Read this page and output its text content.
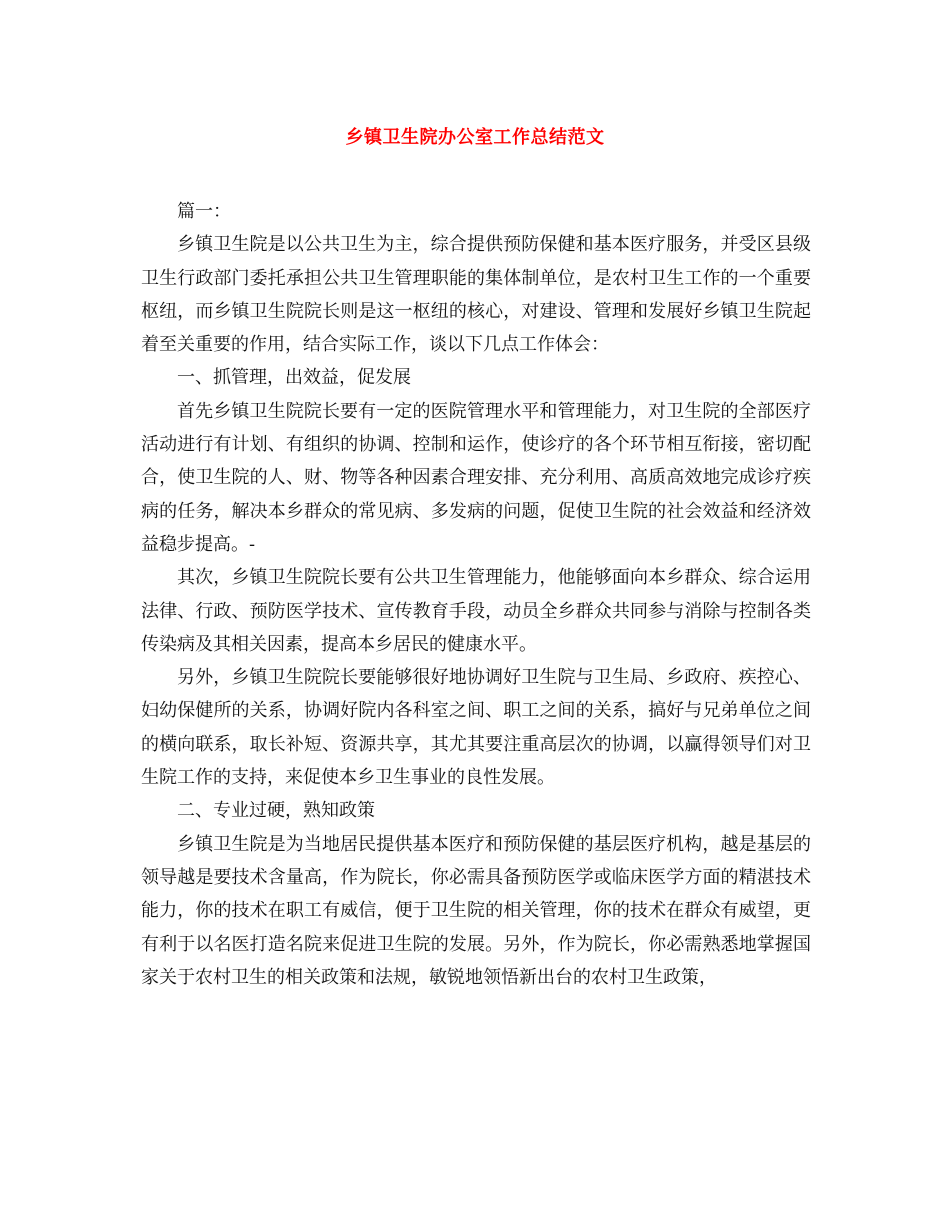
乡镇卫生院办公室工作总结范文

篇一：

乡镇卫生院是以公共卫生为主，综合提供预防保健和基本医疗服务，并受区县级卫生行政部门委托承担公共卫生管理职能的集体制单位，是农村卫生工作的一个重要枢纽，而乡镇卫生院院长则是这一枢纽的核心，对建设、管理和发展好乡镇卫生院起着至关重要的作用，结合实际工作，谈以下几点工作体会：

一、抓管理，出效益，促发展

首先乡镇卫生院院长要有一定的医院管理水平和管理能力，对卫生院的全部医疗活动进行有计划、有组织的协调、控制和运作，使诊疗的各个环节相互衔接，密切配合，使卫生院的人、财、物等各种因素合理安排、充分利用、高质高效地完成诊疗疾病的任务，解决本乡群众的常见病、多发病的问题，促使卫生院的社会效益和经济效益稳步提高。-

其次，乡镇卫生院院长要有公共卫生管理能力，他能够面向本乡群众、综合运用法律、行政、预防医学技术、宣传教育手段，动员全乡群众共同参与消除与控制各类传染病及其相关因素，提高本乡居民的健康水平。

另外，乡镇卫生院院长要能够很好地协调好卫生院与卫生局、乡政府、疾控心、妇幼保健所的关系，协调好院内各科室之间、职工之间的关系，搞好与兄弟单位之间的横向联系，取长补短、资源共享，其尤其要注重高层次的协调，以赢得领导们对卫生院工作的支持，来促使本乡卫生事业的良性发展。

二、专业过硬，熟知政策

乡镇卫生院是为当地居民提供基本医疗和预防保健的基层医疗机构，越是基层的领导越是要技术含量高，作为院长，你必需具备预防医学或临床医学方面的精湛技术能力，你的技术在职工有威信，便于卫生院的相关管理，你的技术在群众有威望，更有利于以名医打造名院来促进卫生院的发展。另外，作为院长，你必需熟悉地掌握国家关于农村卫生的相关政策和法规，敏锐地领悟新出台的农村卫生政策，
